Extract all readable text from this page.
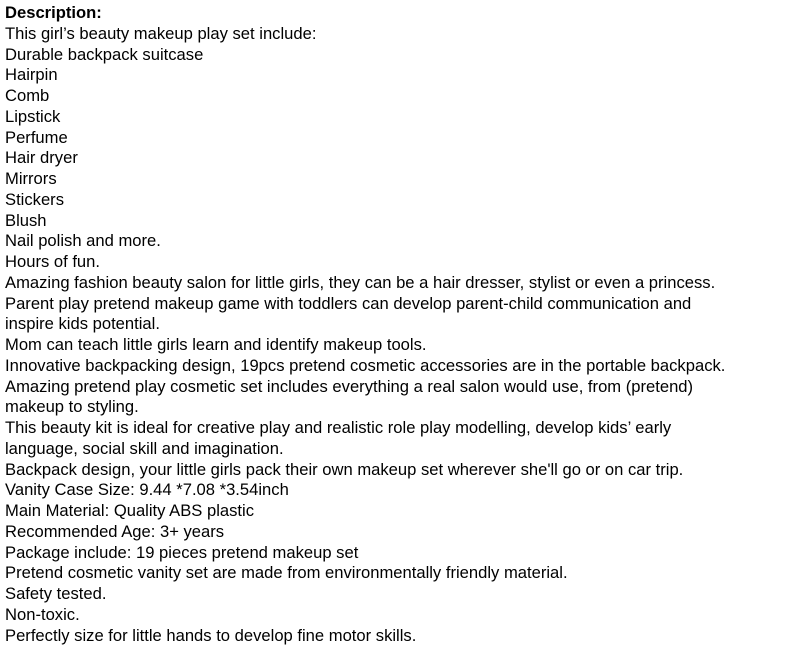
Description:
This girl’s beauty makeup play set include:
Durable backpack suitcase
Hairpin
Comb
Lipstick
Perfume
Hair dryer
Mirrors
Stickers
Blush
Nail polish and more.
Hours of fun.
Amazing fashion beauty salon for little girls, they can be a hair dresser, stylist or even a princess.
Parent play pretend makeup game with toddlers can develop parent-child communication and
inspire kids potential.
Mom can teach little girls learn and identify makeup tools.
Innovative backpacking design, 19pcs pretend cosmetic accessories are in the portable backpack.
Amazing pretend play cosmetic set includes everything a real salon would use, from (pretend)
makeup to styling.
This beauty kit is ideal for creative play and realistic role play modelling, develop kids’ early
language, social skill and imagination.
Backpack design, your little girls pack their own makeup set wherever she'll go or on car trip.
Vanity Case Size: 9.44 *7.08 *3.54inch
Main Material: Quality ABS plastic
Recommended Age: 3+ years
Package include: 19 pieces pretend makeup set
Pretend cosmetic vanity set are made from environmentally friendly material.
Safety tested.
Non-toxic.
Perfectly size for little hands to develop fine motor skills.
